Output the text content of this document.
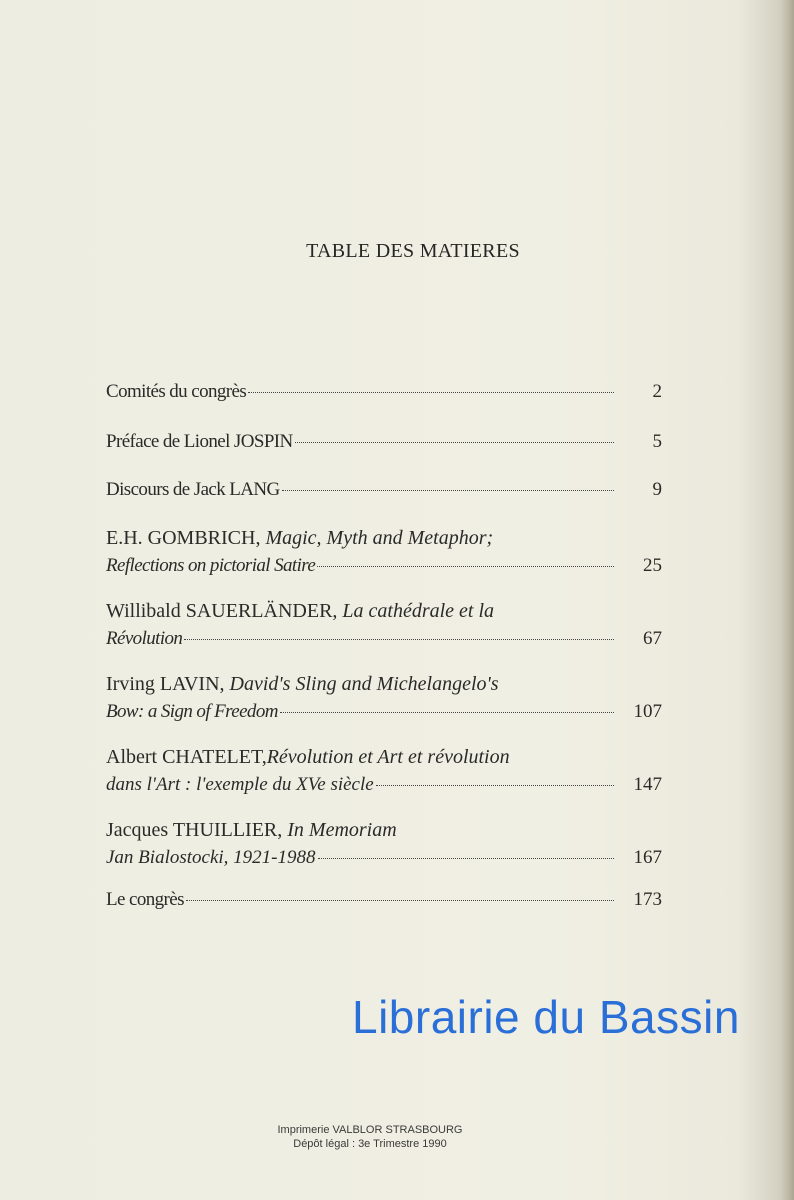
TABLE DES MATIERES
Comités du congrès	2
Préface de Lionel JOSPIN	5
Discours de Jack LANG	9
E.H. GOMBRICH, Magic, Myth and Metaphor;
Reflections on pictorial Satire	25
Willibald SAUERLÄNDER, La cathédrale et la
Révolution	67
Irving LAVIN, David's Sling and Michelangelo's
Bow: a Sign of Freedom	107
Albert CHATELET,Révolution et Art et révolution
dans l'Art : l'exemple du XVe siècle	147
Jacques THUILLIER, In Memoriam
Jan Bialostocki, 1921-1988	167
Le congrès	173
Librairie du Bassin
Imprimerie VALBLOR STRASBOURG
Dépôt légal : 3e Trimestre 1990
